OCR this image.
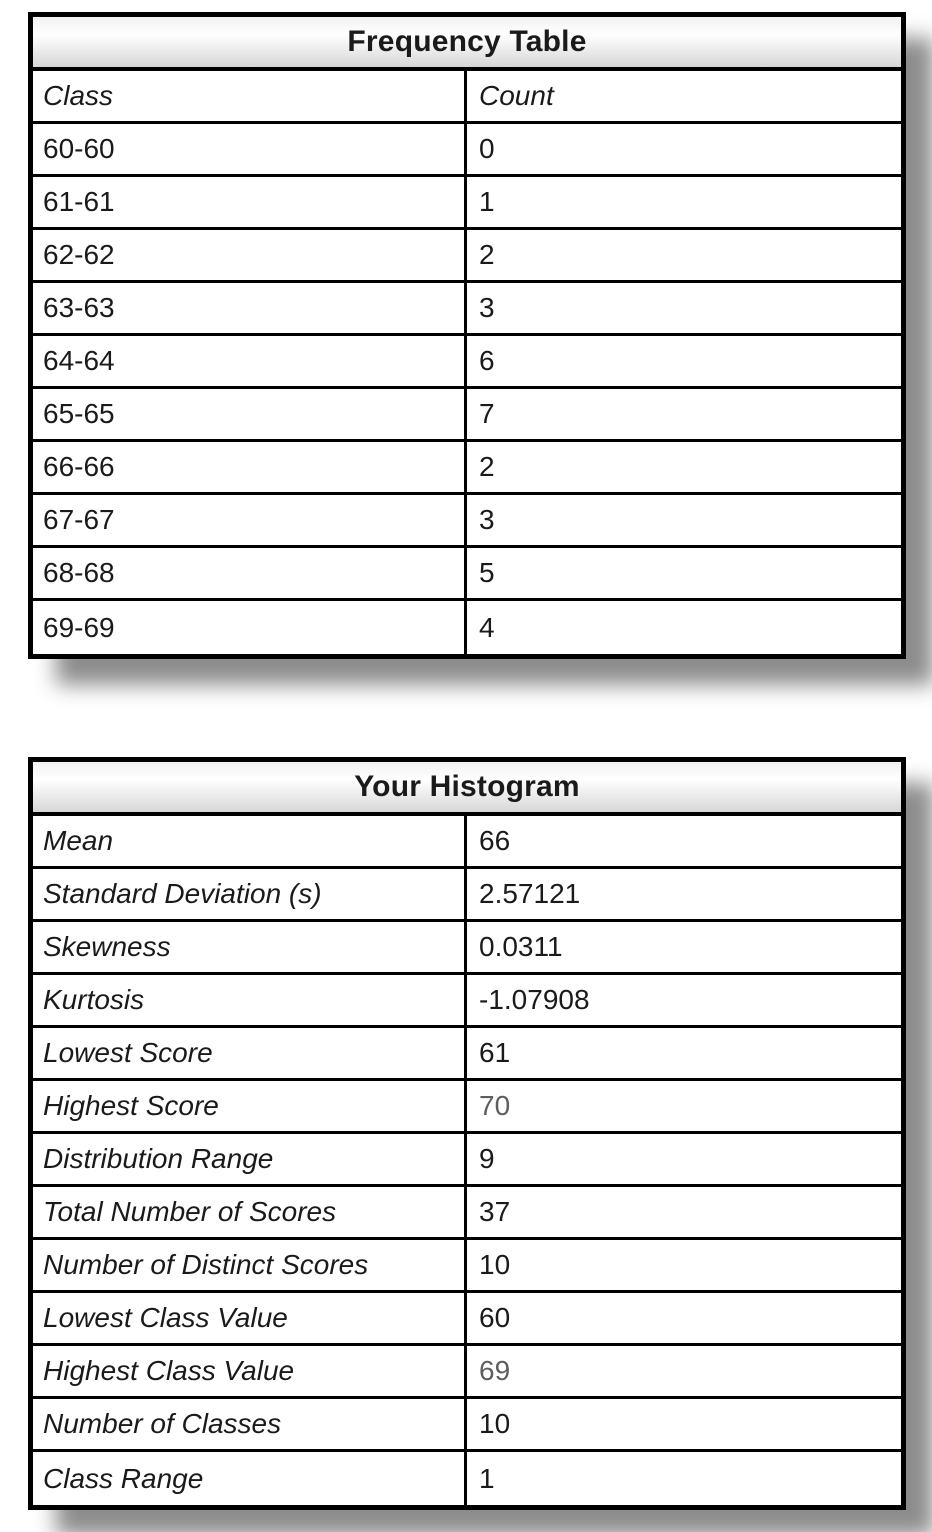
Frequency Table
Class	Count
60-60	0
61-61	1
62-62	2
63-63	3
64-64	6
65-65	7
66-66	2
67-67	3
68-68	5
69-69	4
Your Histogram
Mean	66
Standard Deviation (s)	2.57121
Skewness	0.0311
Kurtosis	-1.07908
Lowest Score	61
Highest Score	70
Distribution Range	9
Total Number of Scores	37
Number of Distinct Scores	10
Lowest Class Value	60
Highest Class Value	69
Number of Classes	10
Class Range	1
